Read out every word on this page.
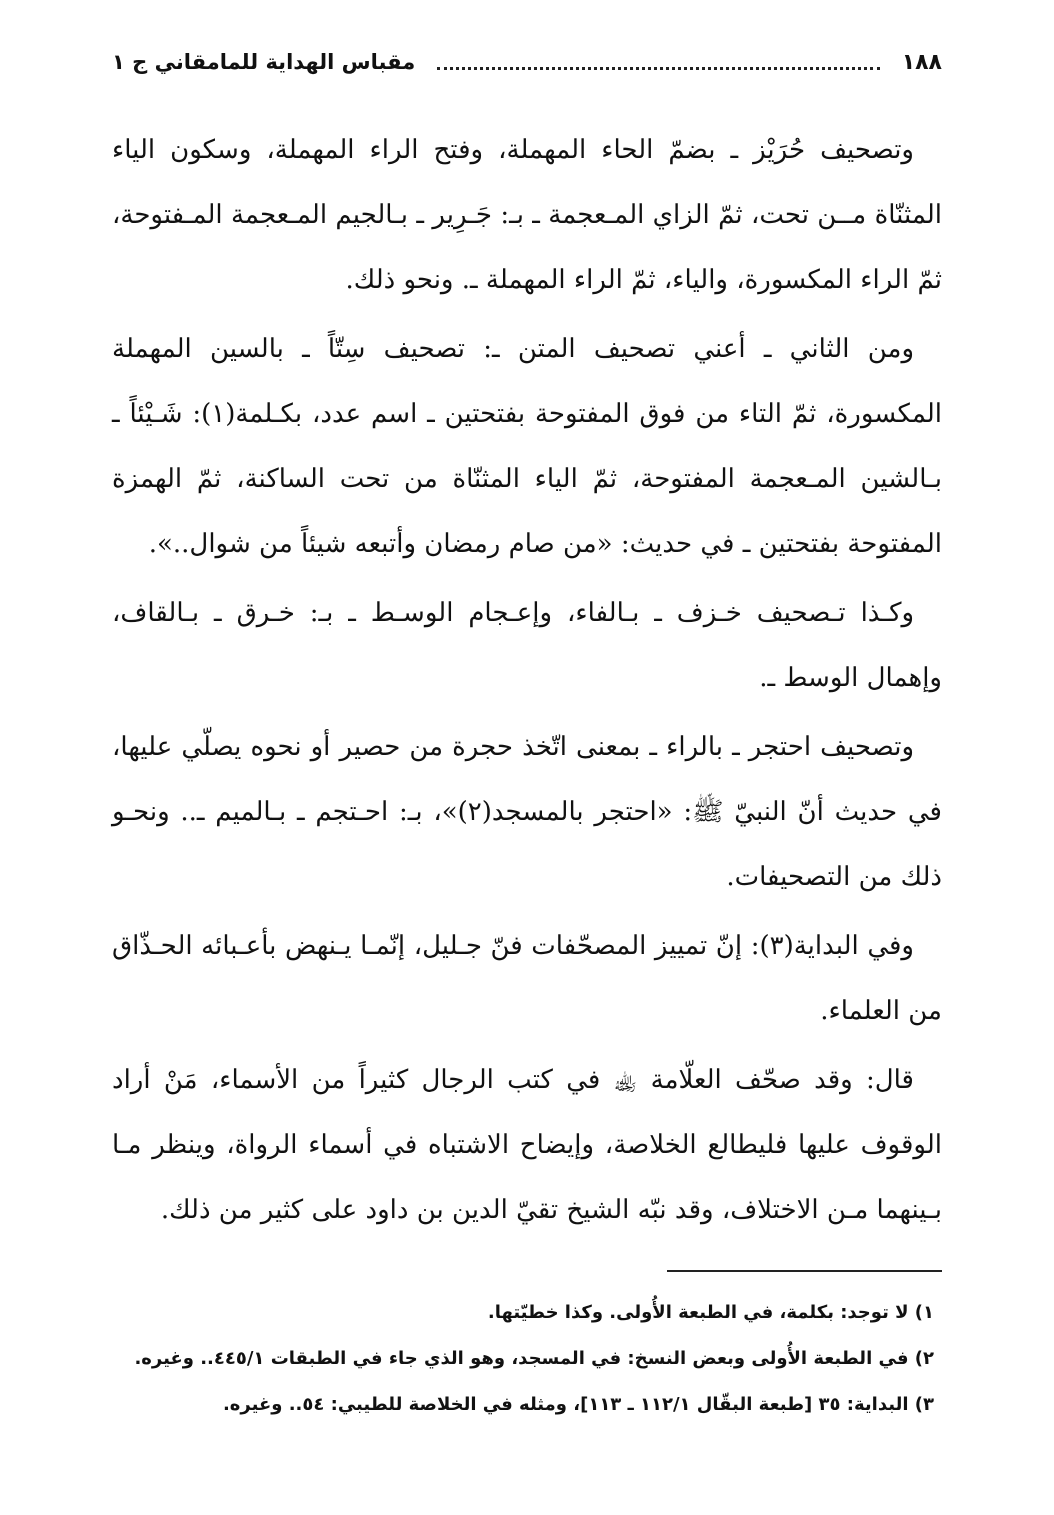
١٨٨
مقباس الهداية للمامقاني ج ١

وتصحيف حُرَيْز ـ بضمّ الحاء المهملة، وفتح الراء المهملة، وسكون الياء المثنّاة مــن تحت، ثمّ الزاي المـعجمة ـ بـ: جَـرِير ـ بـالجيم المـعجمة المـفتوحة، ثمّ الراء المكسورة، والياء، ثمّ الراء المهملة ـ. ونحو ذلك.

ومن الثاني ـ أعني تصحيف المتن ـ: تصحيف سِتّاً ـ بالسين المهملة المكسورة، ثمّ التاء من فوق المفتوحة بفتحتين ـ اسم عدد، بكـلمة(١): شَـيْئاً ـ بـالشين المـعجمة المفتوحة، ثمّ الياء المثنّاة من تحت الساكنة، ثمّ الهمزة المفتوحة بفتحتين ـ في حديث: «من صام رمضان وأتبعه شيئاً من شوال..».

وكـذا تـصحيف خـزف ـ بـالفاء، وإعـجام الوسـط ـ بـ: خـرق ـ بـالقاف، وإهمال الوسط ـ.

وتصحيف احتجر ـ بالراء ـ بمعنى اتّخذ حجرة من حصير أو نحوه يصلّي عليها، في حديث أنّ النبيّ ﷺ: «احتجر بالمسجد(٢)»، بـ: احـتجم ـ بـالميم ـ.. ونحـو ذلك من التصحيفات.

وفي البداية(٣): إنّ تمييز المصحّفات فنّ جـليل، إنّمـا يـنهض بأعـبائه الحـذّاق من العلماء.

قال: وقد صحّف العلّامة ﵀ في كتب الرجال كثيراً من الأسماء، مَنْ أراد الوقوف عليها فليطالع الخلاصة، وإيضاح الاشتباه في أسماء الرواة، وينظر مـا بـينهما مـن الاختلاف، وقد نبّه الشيخ تقيّ الدين بن داود على كثير من ذلك.

١) لا توجد: بكلمة، في الطبعة الأُولى. وكذا خطيّتها.

٢) في الطبعة الأُولى وبعض النسخ: في المسجد، وهو الذي جاء في الطبقات ٤٤٥/١.. وغيره.

٣) البداية: ٣٥ [طبعة البقّال ١١٢/١ ـ ١١٣]، ومثله في الخلاصة للطيبي: ٥٤.. وغيره.
